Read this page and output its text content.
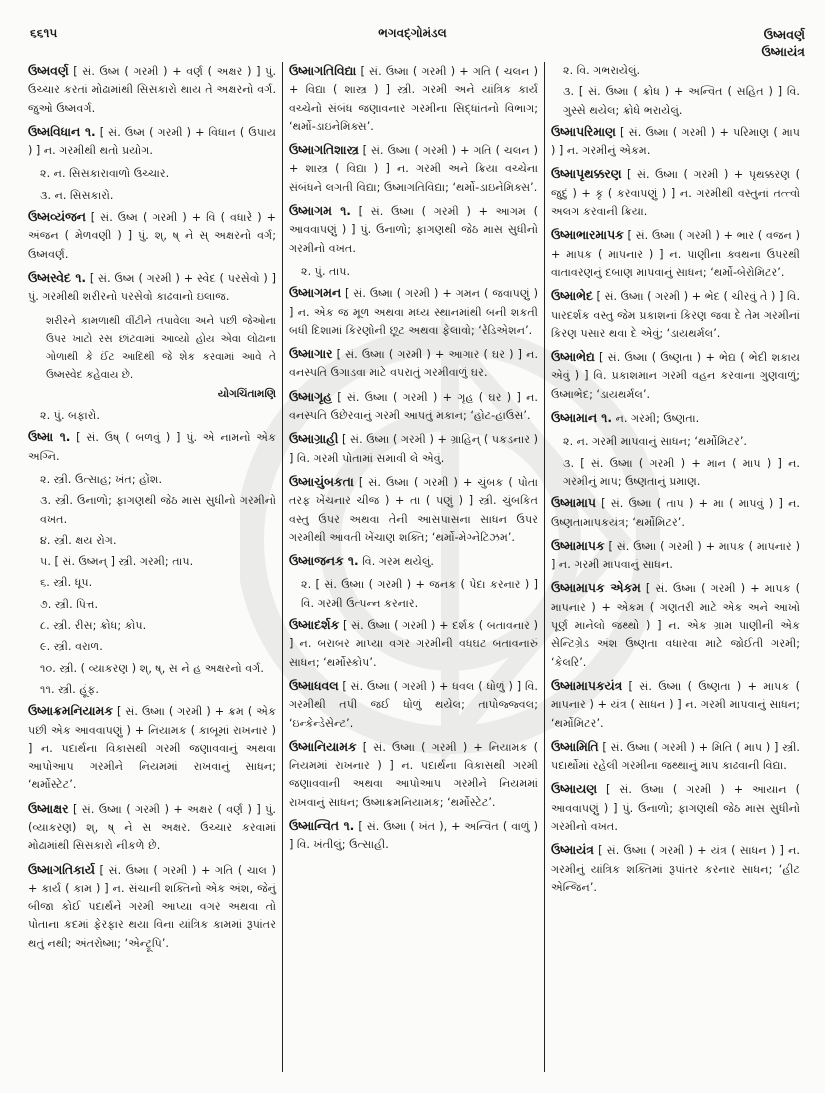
૬૬૧૫	ભગવદ્ગોમંડલ	ઉષ્મવર્ણ
ઉષ્માયંત્ર

ઉષ્મવર્ણ [ સં. ઉષ્મ ( ગરમી ) + વર્ણ ( અક્ષર ) ] પું. ઉચ્ચાર કરતાં મોઢામાંથી સિસકારો થાય તે અક્ષરનો વર્ગ. જુઓ ઉષ્મવર્ગ.

ઉષ્મવિધાન ૧. [ સં. ઉષ્મ ( ગરમી ) + વિધાન ( ઉપાય ) ] ન. ગરમીથી થતો પ્રયોગ.

૨. ન. સિસકારાવાળો ઉચ્ચાર.

૩. ન. સિસકારો.

ઉષ્મવ્યંજન [ સં. ઉષ્મ ( ગરમી ) + વિ ( વધારે ) + અંજન ( મેળવણી ) ] પું. શ્, ષ્ ને સ્ અક્ષરનો વર્ગ; ઉષ્મવર્ણ.

ઉષ્મસ્વેદ ૧. [ સં. ઉષ્મ ( ગરમી ) + સ્વેદ ( પરસેવો ) ] પું. ગરમીથી શરીરનો પરસેવો કાઢવાનો ઇલાજ.

શરીરને કામળાથી વીંટીને તપાવેલા અને પછી જેઓના ઉપર ખાટો રસ છાંટવામાં આવ્યો હોય એવા લોઢાના ગોળાથી કે ઈંટ આદિથી જે શેક કરવામાં આવે તે ઉષ્મસ્વેદ કહેવાય છે.

યોગચિંતામણિ

૨. પું. બફારો.

ઉષ્મા ૧. [ સં. ઉષ્ ( બળવું ) ] પું. એ નામનો એક અગ્નિ.

૨. સ્ત્રી. ઉત્સાહ; ખંત; હોંશ.

૩. સ્ત્રી. ઉનાળો; ફાગણથી જેઠ માસ સુધીનો ગરમીનો વખત.

૪. સ્ત્રી. ક્ષય રોગ.

૫. [ સં. ઉષ્મન્ ] સ્ત્રી. ગરમી; તાપ.

૬. સ્ત્રી. ધૂપ.

૭. સ્ત્રી. પિત્ત.

૮. સ્ત્રી. રીસ; ક્રોધ; કોપ.

૯. સ્ત્રી. વરાળ.

૧૦. સ્ત્રી. ( વ્યાકરણ ) શ્, ષ્, સ ને હ અક્ષરનો વર્ગ.

૧૧. સ્ત્રી. હૂંફ.

ઉષ્માક્રમનિયામક [ સં. ઉષ્મા ( ગરમી ) + ક્રમ ( એક પછી એક આવવાપણું ) + નિયામક ( કાબૂમાં રાખનાર ) ] ન. પદાર્થના વિકાસથી ગરમી જણાવવાનું અથવા આપોઆપ ગરમીને નિયમમાં રાખવાનું સાધન; ‘થર્મોસ્ટેટ’.

ઉષ્માક્ષર [ સં. ઉષ્મા ( ગરમી ) + અક્ષર ( વર્ણ ) ] પું. (વ્યાકરણ) શ્, ષ્ ને સ અક્ષર. ઉચ્ચાર કરવામાં મોઢામાંથી સિસકારો નીકળે છે.

ઉષ્માગતિકાર્ય [ સં. ઉષ્મા ( ગરમી ) + ગતિ ( ચાલ ) + કાર્ય ( કામ ) ] ન. સંચાની શક્તિનો એક અંશ, જેનું બીજા કોઈ પદાર્થને ગરમી આપ્યા વગર અથવા તો પોતાના કદમાં ફેરફાર થયા વિના યાંત્રિક કામમાં રૂપાંતર થતું નથી; અંતરોષ્મા; ‘એન્ટ્રૂપિ’.

ઉષ્માગતિવિદ્યા [ સં. ઉષ્મા ( ગરમી ) + ગતિ ( ચલન ) + વિદ્યા ( શાસ્ત્ર ) ] સ્ત્રી. ગરમી અને યાંત્રિક કાર્ય વચ્ચેનો સંબંધ જણાવનાર ગરમીના સિદ્ધાંતનો વિભાગ; ‘થર્મો-ડાઇનેમિક્સ’.

ઉષ્માગતિશાસ્ત્ર [ સં. ઉષ્મા ( ગરમી ) + ગતિ ( ચલન ) + શાસ્ત્ર ( વિદ્યા ) ] ન. ગરમી અને ક્રિયા વચ્ચેના સંબંધને લગતી વિદ્યા; ઉષ્માગતિવિદ્યા; ‘થર્મો-ડાઇનેમિક્સ’.

ઉષ્માગમ ૧. [ સં. ઉષ્મા ( ગરમી ) + આગમ ( આવવાપણું ) ] પું. ઉનાળો; ફાગણથી જેઠ માસ સુધીનો ગરમીનો વખત.

૨. પું. તાપ.

ઉષ્માગમન [ સં. ઉષ્મા ( ગરમી ) + ગમન ( જવાપણું ) ] ન. એક જ મૂળ અથવા મધ્ય સ્થાનમાંથી બની શકતી બધી દિશામાં કિરણોની છૂટ અથવા ફેલાવો; ‘રેડિએશન’.

ઉષ્માગાર [ સં. ઉષ્મા ( ગરમી ) + આગાર ( ઘર ) ] ન. વનસ્પતિ ઉગાડવા માટે વપરાતું ગરમીવાળું ઘર.

ઉષ્માગૃહ [ સં. ઉષ્મા ( ગરમી ) + ગૃહ ( ઘર ) ] ન. વનસ્પતિ ઉછેરવાનું ગરમી આપતું મકાન; ‘હોટ-હાઉસ’.

ઉષ્માગ્રાહી [ સં. ઉષ્મા ( ગરમી ) + ગ્રાહિન્ ( પકડનાર ) ] વિ. ગરમી પોતામાં સમાવી લે એવું.

ઉષ્માચુંબકતા [ સં. ઉષ્મા ( ગરમી ) + ચુંબક ( પોતા તરફ ખેંચનાર ચીજ ) + તા ( પણું ) ] સ્ત્રી. ચુંબકિત વસ્તુ ઉપર અથવા તેની આસપાસના સાધન ઉપર ગરમીથી આવતી ખેંચાણ શક્તિ; ‘થર્મો-મેગ્નેટિઝમ’.

ઉષ્માજનક ૧. વિ. ગરમ થયેલું.

૨. [ સં. ઉષ્મા ( ગરમી ) + જનક ( પેદા કરનાર ) ] વિ. ગરમી ઉત્પન્ન કરનાર.

ઉષ્માદર્શક [ સં. ઉષ્મા ( ગરમી ) + દર્શક ( બતાવનાર ) ] ન. બરાબર માપ્યા વગર ગરમીની વધઘટ બતાવનારું સાધન; ‘થર્મોસ્કોપ’.

ઉષ્માધવલ [ સં. ઉષ્મા ( ગરમી ) + ધવલ ( ધોળું ) ] વિ. ગરમીથી તપી જઈ ધોળું થયેલ; તાપોજ્જ્વલ; ‘ઇન્કેન્ડેસેન્ટ’.

ઉષ્માનિયામક [ સં. ઉષ્મા ( ગરમી ) + નિયામક ( નિયમમાં રાખનાર ) ] ન. પદાર્થના વિકાસથી ગરમી જણાવવાની અથવા આપોઆપ ગરમીને નિયમમાં રાખવાનું સાધન; ઉષ્માક્રમનિયામક; ‘થર્મોસ્ટેટ’.

ઉષ્માન્વિત ૧. [ સં. ઉષ્મા ( ખંત ), + અન્વિત ( વાળું ) ] વિ. ખંતીલું; ઉત્સાહી.

૨. વિ. ગભરાયેલું.

૩. [ સં. ઉષ્મા ( ક્રોધ ) + અન્વિત ( સહિત ) ] વિ. ગુસ્સે થયેલ; ક્રોધે ભરાયેલું.

ઉષ્માપરિમાણ [ સં. ઉષ્મા ( ગરમી ) + પરિમાણ ( માપ ) ] ન. ગરમીનું એકમ.

ઉષ્માપૃથક્કરણ [ સં. ઉષ્મા ( ગરમી ) + પૃથક્કરણ ( જુદું ) + કૃ ( કરવાપણું ) ] ન. ગરમીથી વસ્તુનાં તત્ત્વો અલગ કરવાની ક્રિયા.

ઉષ્માભારમાપક [ સં. ઉષ્મા ( ગરમી ) + ભાર ( વજન ) + માપક ( માપનાર ) ] ન. પાણીના ક્વથના ઉપરથી વાતાવરણનું દબાણ માપવાનું સાધન; ‘થર્મો-બેરોમિટર’.

ઉષ્માભેદ [ સં. ઉષ્મા ( ગરમી ) + ભેદ ( ચીરવું તે ) ] વિ. પારદર્શક વસ્તુ જેમ પ્રકાશનાં કિરણ જવા દે તેમ ગરમીનાં કિરણ પસાર થવા દે એવું; ‘ડાયથર્મલ’.

ઉષ્માભેદ્ય [ સં. ઉષ્મા ( ઉષ્ણતા ) + ભેદ્ય ( ભેદી શકાય એવું ) ] વિ. પ્રકાશમાન ગરમી વહન કરવાના ગુણવાળું; ઉષ્માભેદ; ‘ડાયથર્મલ’.

ઉષ્મામાન ૧. ન. ગરમી; ઉષ્ણતા.

૨. ન. ગરમી માપવાનું સાધન; ‘થર્મોમિટર’.

૩. [ સં. ઉષ્મા ( ગરમી ) + માન ( માપ ) ] ન. ગરમીનું માપ; ઉષ્ણતાનું પ્રમાણ.

ઉષ્મામાપ [ સં. ઉષ્મા ( તાપ ) + મા ( માપવું ) ] ન. ઉષ્ણતામાપકયંત્ર; ‘થર્મોમિટર’.

ઉષ્મામાપક [ સં. ઉષ્મા ( ગરમી ) + માપક ( માપનાર ) ] ન. ગરમી માપવાનું સાધન.

ઉષ્મામાપક એકમ [ સં. ઉષ્મા ( ગરમી ) + માપક ( માપનાર ) + એકમ ( ગણતરી માટે એક અને આખો પૂર્ણ માનેલો જથ્થો ) ] ન. એક ગ્રામ પાણીની એક સેન્ટિગ્રેડ અંશ ઉષ્ણતા વધારવા માટે જોઈતી ગરમી; ‘કેલરિ’.

ઉષ્મામાપકયંત્ર [ સં. ઉષ્મા ( ઉષ્ણતા ) + માપક ( માપનાર ) + યંત્ર ( સાધન ) ] ન. ગરમી માપવાનું સાધન; ‘થર્મોમિટર’.

ઉષ્મામિતિ [ સં. ઉષ્મા ( ગરમી ) + મિતિ ( માપ ) ] સ્ત્રી. પદાર્થોમાં રહેલી ગરમીના જથ્થાનું માપ કાઢવાની વિદ્યા.

ઉષ્માયણ [ સં. ઉષ્મા ( ગરમી ) + આયાન ( આવવાપણું ) ] પું. ઉનાળો; ફાગણથી જેઠ માસ સુધીનો ગરમીનો વખત.

ઉષ્માયંત્ર [ સં. ઉષ્મા ( ગરમી ) + યંત્ર ( સાધન ) ] ન. ગરમીનું યાંત્રિક શક્તિમાં રૂપાંતર કરનાર સાધન; ‘હીટ એન્જિન’.
